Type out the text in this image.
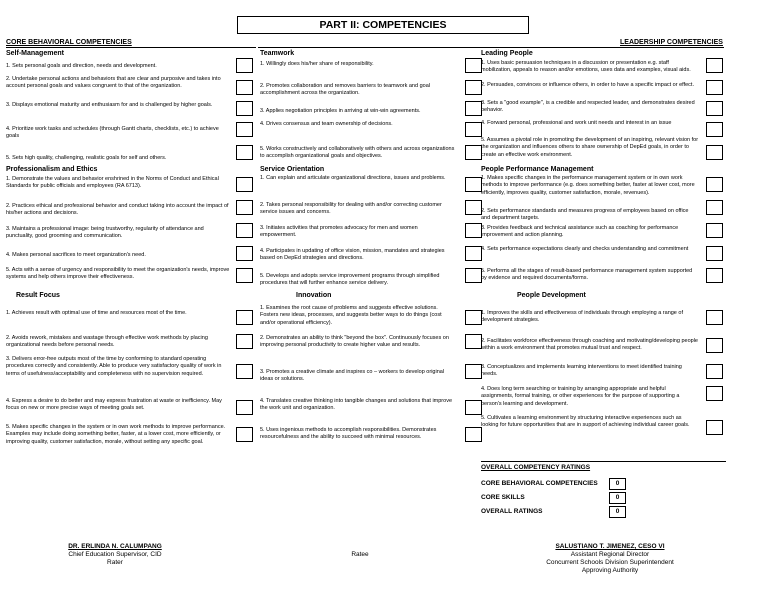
PART II: COMPETENCIES
CORE BEHAVIORAL COMPETENCIES	LEADERSHIP COMPETENCIES
Self-Management
1. Sets personal goals and direction, needs and development.
2. Undertake personal actions and behaviors that are clear and purposive and takes into account personal goals and values congruent to that of the organization.
3. Displays emotional maturity and enthusiasm for and is challenged by higher goals.
4. Prioritize work tasks and schedules (through Gantt charts, checklists, etc.) to achieve goals
5. Sets high quality, challenging, realistic goals for self and others.
Professionalism and Ethics
1. Demonstrate the values and behavior enshrined in the Norms of Conduct and Ethical Standards for public officials and employees (RA 6713).
2. Practices ethical and professional behavior and conduct taking into account the impact of his/her actions and decisions.
3. Maintains a professional image: being trustworthy, regularity of attendance and punctuality, good grooming and communication.
4. Makes personal sacrifices to meet organization's need.
5. Acts with a sense of urgency and responsibility to meet the organization's needs, improve systems and help others improve their effectiveness.
Result Focus
1. Achieves result with optimal use of time and resources most of the time.
2. Avoids rework, mistakes and wastage through effective work methods by placing organizational needs before personal needs.
3. Delivers error-free outputs most of the time by conforming to standard operating procedures correctly and consistently. Able to produce very satisfactory quality of work in terms of usefulness/acceptability and completeness with no supervision required.
4. Express a desire to do better and may express frustration at waste or inefficiency. May focus on new or more precise ways of meeting goals set.
5. Makes specific changes in the system or in own work methods to improve performance. Examples may include doing something better, faster, at a lower cost, more efficiently, or improving quality, customer satisfaction, morale, without setting any specific goal.
Teamwork
1. Willingly does his/her share of responsibility.
2. Promotes collaboration and removes barriers to teamwork and goal accomplishment across the organization.
3. Applies negotiation principles in arriving at win-win agreements.
4. Drives consensus and team ownership of decisions.
5. Works constructively and collaboratively with others and across organizations to accomplish organizational goals and objectives.
Service Orientation
1. Can explain and articulate organizational directions, issues and problems.
2. Takes personal responsibility for dealing with and/or correcting customer service issues and concerns.
3. Initiates activities that promotes advocacy for men and women empowerment.
4. Participates in updating of office vision, mission, mandates and strategies based on DepEd strategies and directions.
5. Develops and adopts service improvement programs through simplified procedures that will further enhance service delivery.
Innovation
1. Examines the root cause of problems and suggests effective solutions. Fosters new ideas, processes, and suggests better ways to do things (cost and/or operational efficiency).
2. Demonstrates an ability to think "beyond the box". Continuously focuses on improving personal productivity to create higher value and results.
3. Promotes a creative climate and inspires co – workers to develop original ideas or solutions.
4. Translates creative thinking into tangible changes and solutions that improve the work unit and organization.
5. Uses ingenious methods to accomplish responsibilities. Demonstrates resourcefulness and the ability to succeed with minimal resources.
Leading People
1. Uses basic persuasion techniques in a discussion or presentation e.g. staff mobilization, appeals to reason and/or emotions, uses data and examples, visual aids.
2. Persuades, convinces or influence others, in order to have a specific impact or effect.
3. Sets a "good example", is a credible and respected leader, and demonstrates desired behavior.
4. Forward personal, professional and work unit needs and interest in an issue
5. Assumes a pivotal role in promoting the development of an inspiring, relevant vision for the organization and influences others to share ownership of DepEd goals, in order to create an effective work environment.
People Performance Management
1. Makes specific changes in the performance management system or in own work methods to improve performance (e.g. does something better, faster at lower cost, more efficiently, improves quality, customer satisfaction, morale, revenues).
2. Sets performance standards and measures progress of employees based on office and department targets.
3. Provides feedback and technical assistance such as coaching for performance improvement and action planning.
4. Sets performance expectations clearly and checks understanding and commitment
5. Performs all the stages of result-based performance management system supported by evidence and required documents/forms.
People Development
1. Improves the skills and effectiveness of individuals through employing a range of development strategies.
2. Facilitates workforce effectiveness through coaching and motivating/developing people within a work environment that promotes mutual trust and respect.
3. Conceptualizes and implements learning interventions to meet identified training needs.
4. Does long term searching or training by arranging appropriate and helpful assignments, formal training, or other experiences for the purpose of supporting a person's learning and development.
5. Cultivates a learning environment by structuring interactive experiences such as looking for future opportunities that are in support of achieving individual career goals.
OVERALL COMPETENCY RATINGS
CORE BEHAVIORAL COMPETENCIES	0
CORE SKILLS	0
OVERALL RATINGS	0
DR. ERLINDA N. CALUMPANG
Chief Education Supervisor, CID
Rater
Ratee
SALUSTIANO T. JIMENEZ, CESO VI
Assistant Regional Director
Concurrent Schools Division Superintendent
Approving Authority
